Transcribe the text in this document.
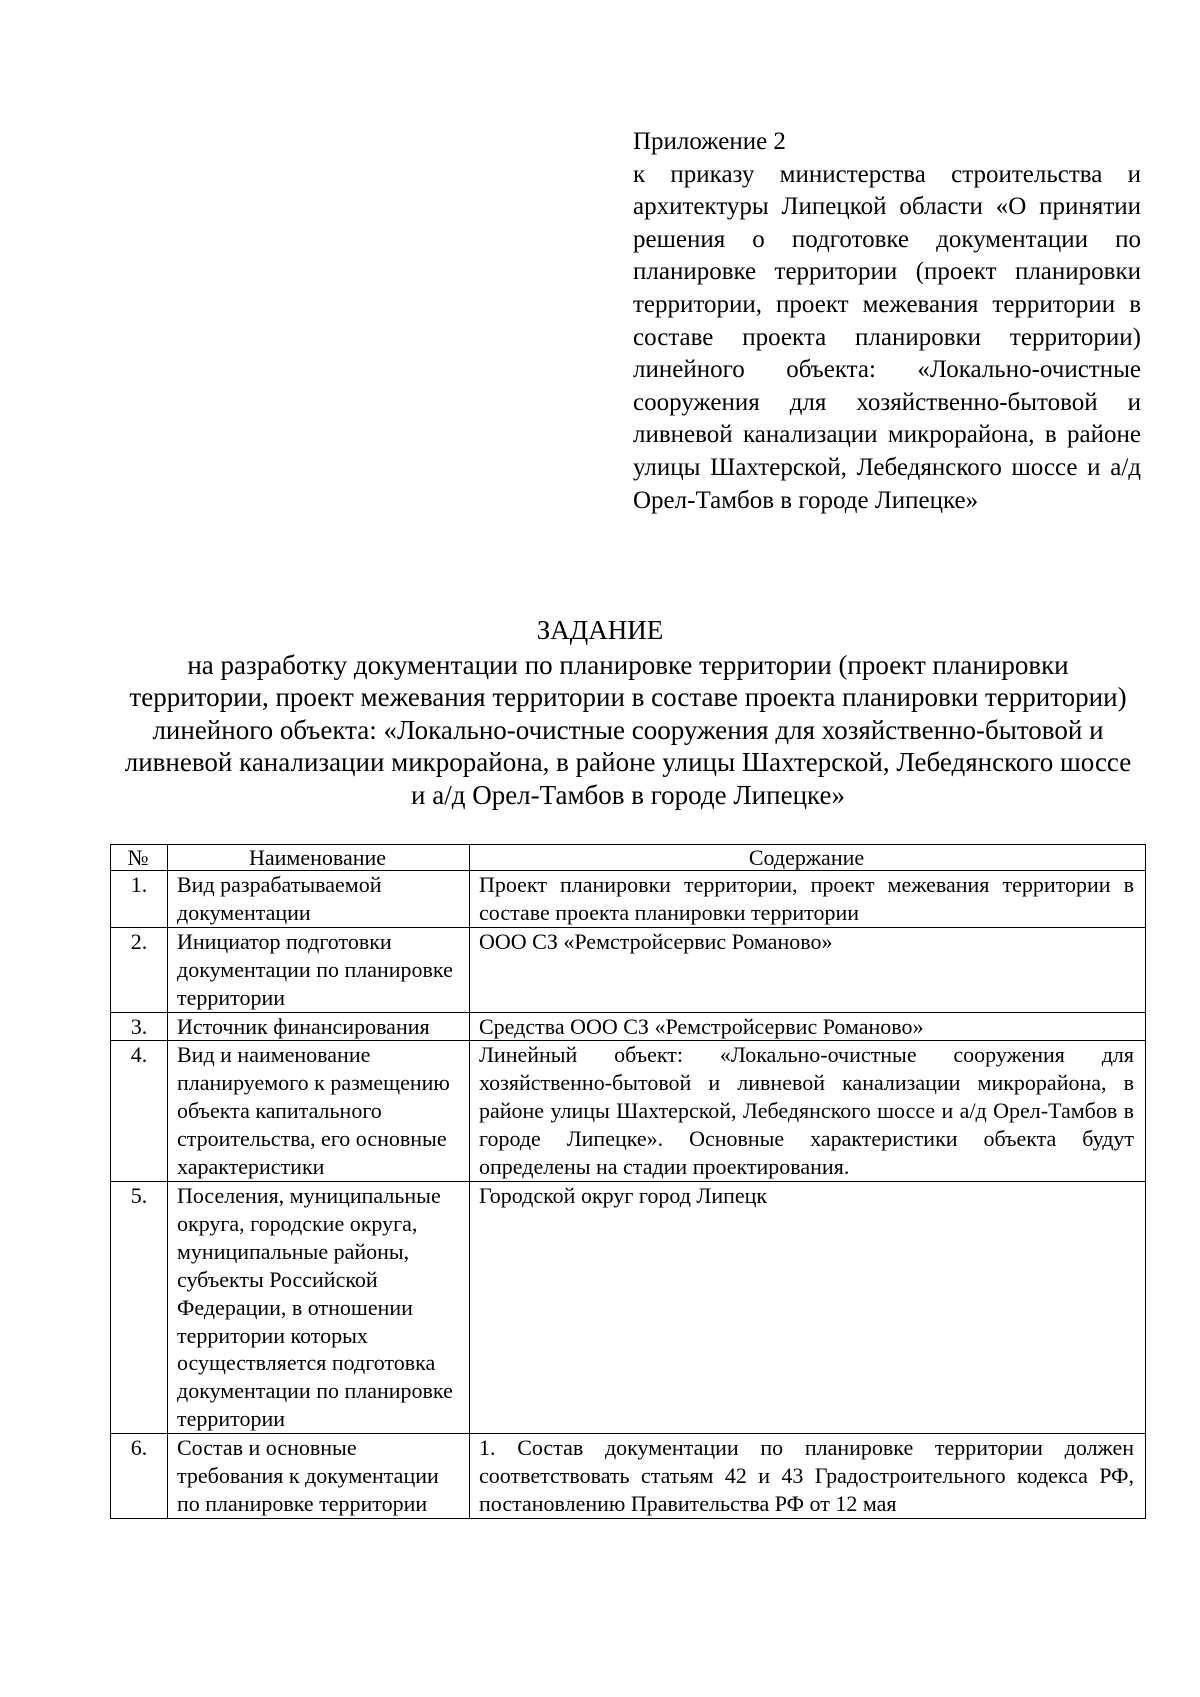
Приложение 2
к приказу министерства строительства и архитектуры Липецкой области «О принятии решения о подготовке документации по планировке территории (проект планировки территории, проект межевания территории в составе проекта планировки территории) линейного объекта: «Локально-очистные сооружения для хозяйственно-бытовой и ливневой канализации микрорайона, в районе улицы Шахтерской, Лебедянского шоссе и а/д Орел-Тамбов в городе Липецке»
ЗАДАНИЕ
на разработку документации по планировке территории (проект планировки территории, проект межевания территории в составе проекта планировки территории) линейного объекта: «Локально-очистные сооружения для хозяйственно-бытовой и ливневой канализации микрорайона, в районе улицы Шахтерской, Лебедянского шоссе и а/д Орел-Тамбов в городе Липецке»
№	Наименование	Содержание
1.	Вид разрабатываемой документации	Проект планировки территории, проект межевания территории в составе проекта планировки территории
2.	Инициатор подготовки документации по планировке территории	ООО СЗ «Ремстройсервис Романово»
3.	Источник финансирования	Средства ООО СЗ «Ремстройсервис Романово»
4.	Вид и наименование планируемого к размещению объекта капитального строительства, его основные характеристики	Линейный объект: «Локально-очистные сооружения для хозяйственно-бытовой и ливневой канализации микрорайона, в районе улицы Шахтерской, Лебедянского шоссе и а/д Орел-Тамбов в городе Липецке». Основные характеристики объекта будут определены на стадии проектирования.
5.	Поселения, муниципальные округа, городские округа, муниципальные районы, субъекты Российской Федерации, в отношении территории которых осуществляется подготовка документации по планировке территории	Городской округ город Липецк
6.	Состав и основные требования к документации по планировке территории	1. Состав документации по планировке территории должен соответствовать статьям 42 и 43 Градостроительного кодекса РФ, постановлению Правительства РФ от 12 мая
